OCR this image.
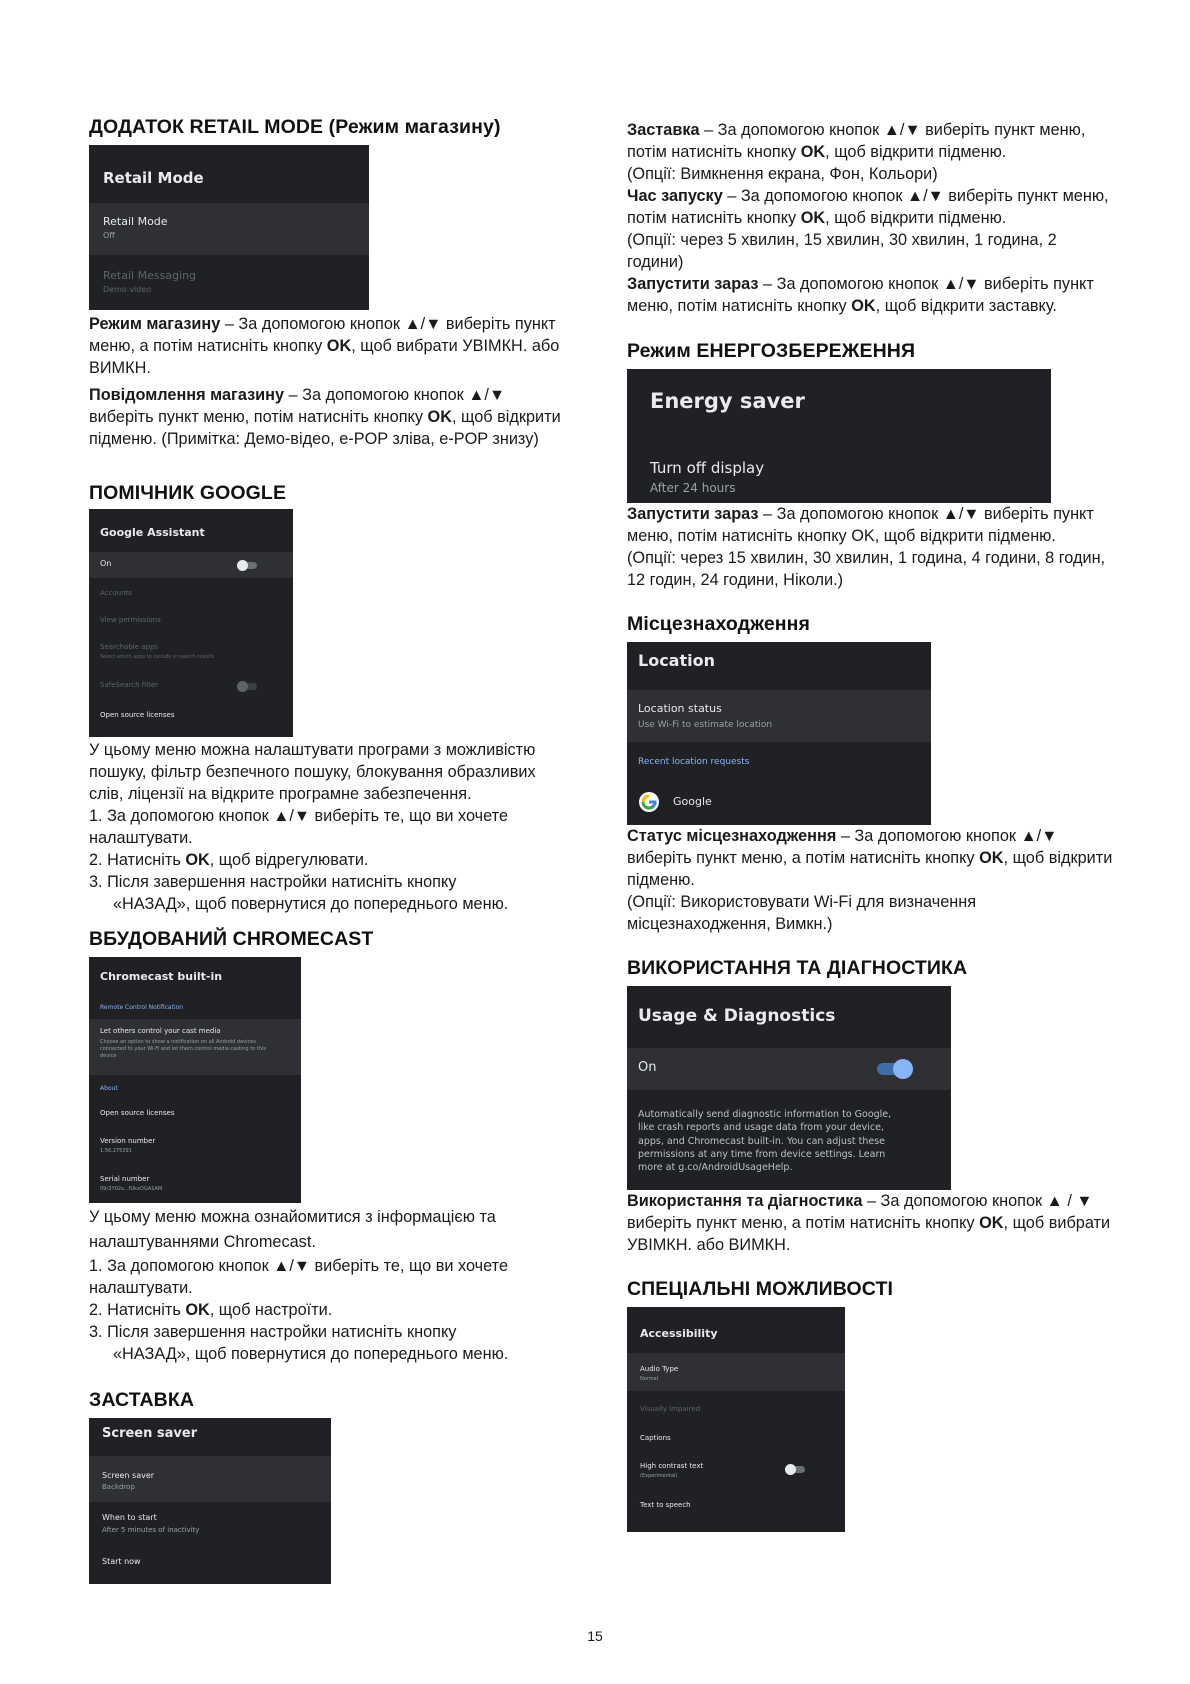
ДОДАТОК RETAIL MODE (Режим магазину)
Retail Mode
Retail Mode
Off
Retail Messaging
Demo video

Режим магазину – За допомогою кнопок ▲/▼ виберіть пункт меню, а потім натисніть кнопку OK, щоб вибрати УВІМКН. або ВИМКН.

Повідомлення магазину – За допомогою кнопок ▲/▼ виберіть пункт меню, потім натисніть кнопку OK, щоб відкрити підменю. (Примітка: Демо-відео, e-POP зліва, e-POP знизу)

ПОМІЧНИК GOOGLE
Google Assistant
On
Accounts
View permissions
Searchable apps
Select which apps to include in search results
SafeSearch filter
Open source licenses

У цьому меню можна налаштувати програми з можливістю пошуку, фільтр безпечного пошуку, блокування образливих слів, ліцензії на відкрите програмне забезпечення.

1. За допомогою кнопок ▲/▼ виберіть те, що ви хочете налаштувати.

2. Натисніть OK, щоб відрегулювати.

3. Після завершення настройки натисніть кнопку

«НАЗАД», щоб повернутися до попереднього меню.

ВБУДОВАНИЙ CHROMECAST
Chromecast built-in
Remote Control Notification
Let others control your cast media
Choose an option to show a notification on all Android devices connected to your Wi-Fi and let them control media casting to this device
About
Open source licenses
Version number
1.56.275391
Serial number
09r2Y02x...fUkxOGA1AM

У цьому меню можна ознайомитися з інформацією та налаштуваннями Chromecast.

1. За допомогою кнопок ▲/▼ виберіть те, що ви хочете налаштувати.

2. Натисніть OK, щоб настроїти.

3. Після завершення настройки натисніть кнопку

«НАЗАД», щоб повернутися до попереднього меню.

ЗАСТАВКА
Screen saver
Screen saver
Backdrop
When to start
After 5 minutes of inactivity
Start now

Заставка – За допомогою кнопок ▲/▼ виберіть пункт меню, потім натисніть кнопку OK, щоб відкрити підменю.

(Опції: Вимкнення екрана, Фон, Кольори)

Час запуску – За допомогою кнопок ▲/▼ виберіть пункт меню, потім натисніть кнопку OK, щоб відкрити підменю.

(Опції: через 5 хвилин, 15 хвилин, 30 хвилин, 1 година, 2 години)

Запустити зараз – За допомогою кнопок ▲/▼ виберіть пункт меню, потім натисніть кнопку OK, щоб відкрити заставку.

Режим ЕНЕРГОЗБЕРЕЖЕННЯ
Energy saver
Turn off display
After 24 hours

Запустити зараз – За допомогою кнопок ▲/▼ виберіть пункт меню, потім натисніть кнопку OK, щоб відкрити підменю.

(Опції: через 15 хвилин, 30 хвилин, 1 година, 4 години, 8 годин, 12 годин, 24 години, Ніколи.)

Місцезнаходження
Location
Location status
Use Wi-Fi to estimate location
Recent location requests
Google

Статус місцезнаходження – За допомогою кнопок ▲/▼ виберіть пункт меню, а потім натисніть кнопку OK, щоб відкрити підменю.

(Опції: Використовувати Wi-Fi для визначення місцезнаходження, Вимкн.)

ВИКОРИСТАННЯ ТА ДІАГНОСТИКА
Usage & Diagnostics
On
Automatically send diagnostic information to Google, like crash reports and usage data from your device, apps, and Chromecast built-in. You can adjust these permissions at any time from device settings. Learn more at g.co/AndroidUsageHelp.

Використання та діагностика – За допомогою кнопок ▲ / ▼ виберіть пункт меню, а потім натисніть кнопку OK, щоб вибрати УВІМКН. або ВИМКН.

СПЕЦІАЛЬНІ МОЖЛИВОСТІ
Accessibility
Audio Type
Normal
Visually impaired
Captions
High contrast text
(Experimental)
Text to speech
15
